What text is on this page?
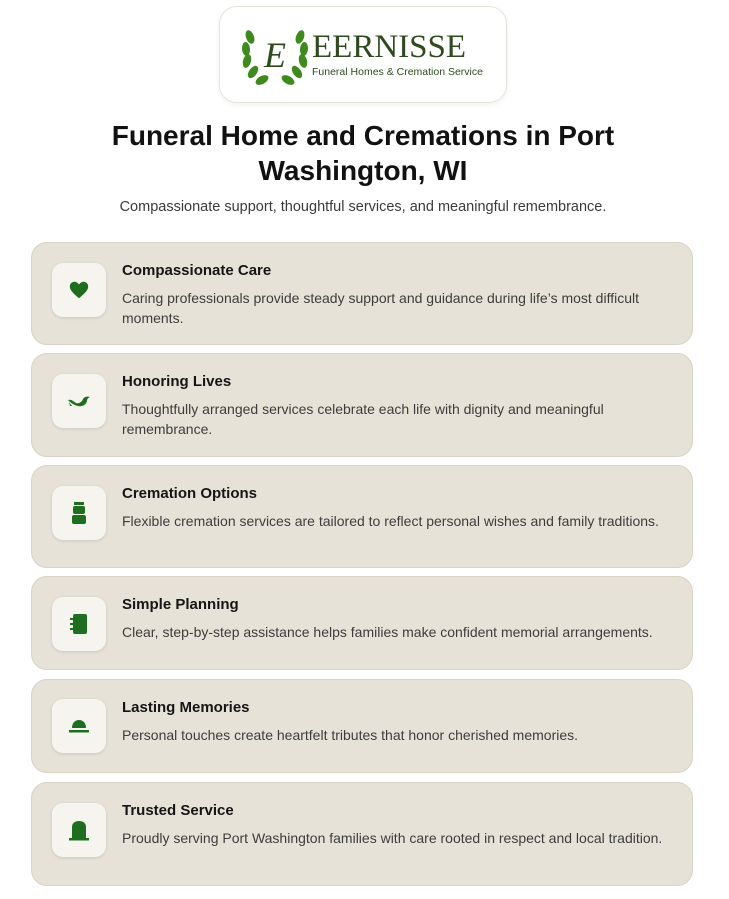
E EERNISSE
Funeral Homes & Cremation Service
Funeral Home and Cremations in Port Washington, WI

Compassionate support, thoughtful services, and meaningful remembrance.

Compassionate Care
Caring professionals provide steady support and guidance during life’s most difficult moments.
Honoring Lives
Thoughtfully arranged services celebrate each life with dignity and meaningful remembrance.
Cremation Options
Flexible cremation services are tailored to reflect personal wishes and family traditions.
Simple Planning
Clear, step-by-step assistance helps families make confident memorial arrangements.
Lasting Memories
Personal touches create heartfelt tributes that honor cherished memories.
Trusted Service
Proudly serving Port Washington families with care rooted in respect and local tradition.
